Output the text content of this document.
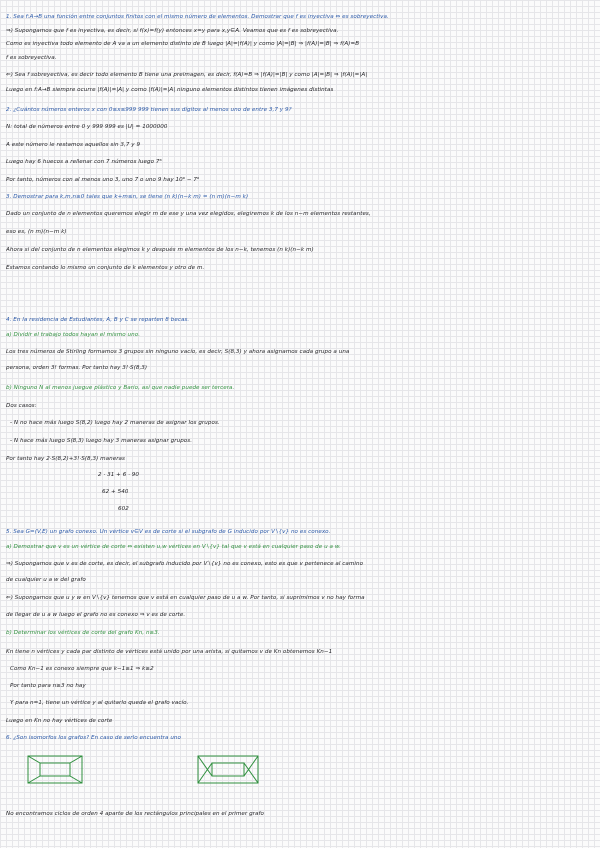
1. Sea f:A→B una función entre conjuntos finitos con el mismo número de elementos. Demostrar que f es inyectiva ⇔ es sobreyectiva.
⇒) Supongamos que f es inyectiva, es decir, si f(x)=f(y) entonces x=y para x,y∈A. Veamos que es f es sobreyectiva.
Como es inyectiva todo elemento de A va a un elemento distinto de B luego |A|=|f(A)| y como |A|=|B| ⇒ |f(A)|=|B| ⇒ f(A)=B
f es sobreyectiva.
⇐) Sea f sobreyectiva, es decir todo elemento B tiene una preimagen, es decir, f(A)=B ⇒ |f(A)|=|B| y como |A|=|B| ⇒ |f(A)|=|A|
Luego en f:A→B siempre ocurre |f(A)|=|A| y como |f(A)|=|A| ninguno elementos distintos tienen imágenes distintas
2. ¿Cuántos números enteros x con 0≤x≤999 999 tienen sus dígitos al menos uno de entre 3,7 y 9?
N: total de números entre 0 y 999 999 es |U| = 1000000
A este número le restamos aquellos sin 3,7 y 9
Luego hay 6 huecos a rellenar con 7 números luego 7⁶
Por tanto, números con al menos uno 3, uno 7 o uno 9 hay 10⁶ − 7⁶
3. Demostrar para k,m,n≥0 tales que k+m≤n, se tiene (n k)(n−k m) = (n m)(n−m k)
Dado un conjunto de n elementos queremos elegir m de ese y una vez elegidos, elegiremos k de los n−m elementos restantes,
eso es, (n m)(n−m k)
Ahora si del conjunto de n elementos elegimos k y después m elementos de los n−k, tenemos (n k)(n−k m)
Estamos contando lo mismo un conjunto de k elementos y otro de m.
4. En la residencia de Estudiantes, A, B y C se reparten 8 becas.
a) Dividir el trabajo todos hayan el mismo uno.
Los tres números de Stirling formamos 3 grupos sin ninguno vacío, es decir, S(8,3) y ahora asignamos cada grupo a una
persona, orden 3! formas. Por tanto hay 3!·S(8,3)
b) Ninguno N al menos juegue plástico y Bario, así que nadie puede ser tercera.
Dos casos:
- N no hace más luego S(8,2) luego hay 2 maneras de asignar los grupos.
- N hace más luego S(8,3) luego hay 3 maneras asignar grupos.
Por tanto hay 2·S(8,2)+3!·S(8,3) maneras
2 · 31 + 6 · 90
62 + 540
602
5. Sea G=(V,E) un grafo conexo. Un vértice v∈V es de corte si el subgrafo de G inducido por V∖{v} no es conexo.
a) Demostrar que v es un vértice de corte ⇔ existen u,w vértices en V∖{v} tal que v está en cualquier paso de u a w.
⇒) Supongamos que v es de corte, es decir, el subgrafo inducido por V∖{v} no es conexo, esto es que v pertenece al camino
de cualquier u a w del grafo
⇐) Supongamos que u y w en V∖{v} tenemos que v está en cualquier paso de u a w. Por tanto, si suprimimos v no hay forma
de llegar de u a w luego el grafo no es conexo ⇒ v es de corte.
b) Determinar los vértices de corte del grafo Kn, n≥3.
Kn tiene n vértices y cada par distinto de vértices está unido por una arista, si quitamos v de Kn obtenemos Kn−1
Como Kn−1 es conexo siempre que k−1≥1 ⇒ k≥2
Por tanto para n≥3 no hay
Y para n=1, tiene un vértice y al quitarlo queda el grafo vacío.
Luego en Kn no hay vértices de corte
6. ¿Son isomorfos los grafos? En caso de serlo encuentra uno
No encontramos ciclos de orden 4 aparte de los rectángulos principales en el primer grafo
